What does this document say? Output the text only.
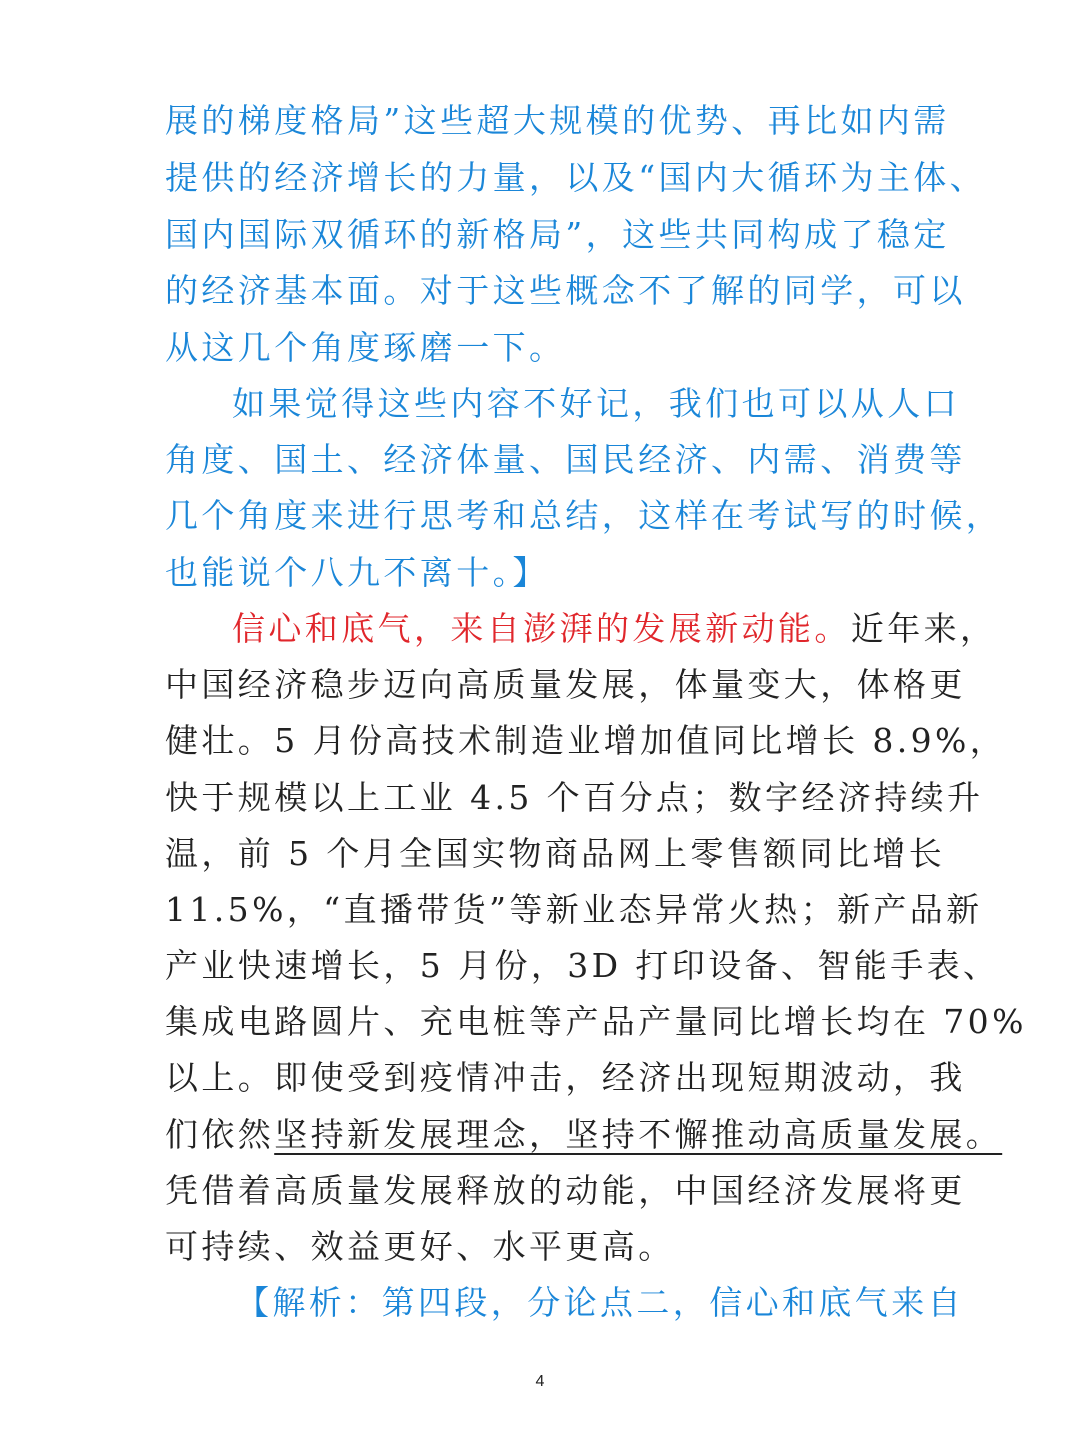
展的梯度格局”这些超大规模的优势、再比如内需
提供的经济增长的力量，以及“国内大循环为主体、
国内国际双循环的新格局”，这些共同构成了稳定
的经济基本面。对于这些概念不了解的同学，可以
从这几个角度琢磨一下。
如果觉得这些内容不好记，我们也可以从人口
角度、国土、经济体量、国民经济、内需、消费等
几个角度来进行思考和总结，这样在考试写的时候，
也能说个八九不离十。】
信心和底气，来自澎湃的发展新动能。近年来，
中国经济稳步迈向高质量发展，体量变大，体格更
健壮。5 月份高技术制造业增加值同比增长 8.9%，
快于规模以上工业 4.5 个百分点；数字经济持续升
温，前 5 个月全国实物商品网上零售额同比增长
11.5%，“直播带货”等新业态异常火热；新产品新
产业快速增长，5 月份，3D 打印设备、智能手表、
集成电路圆片、充电桩等产品产量同比增长均在 70%
以上。即使受到疫情冲击，经济出现短期波动，我
们依然坚持新发展理念，坚持不懈推动高质量发展。
凭借着高质量发展释放的动能，中国经济发展将更
可持续、效益更好、水平更高。
【解析：第四段，分论点二，信心和底气来自
4
